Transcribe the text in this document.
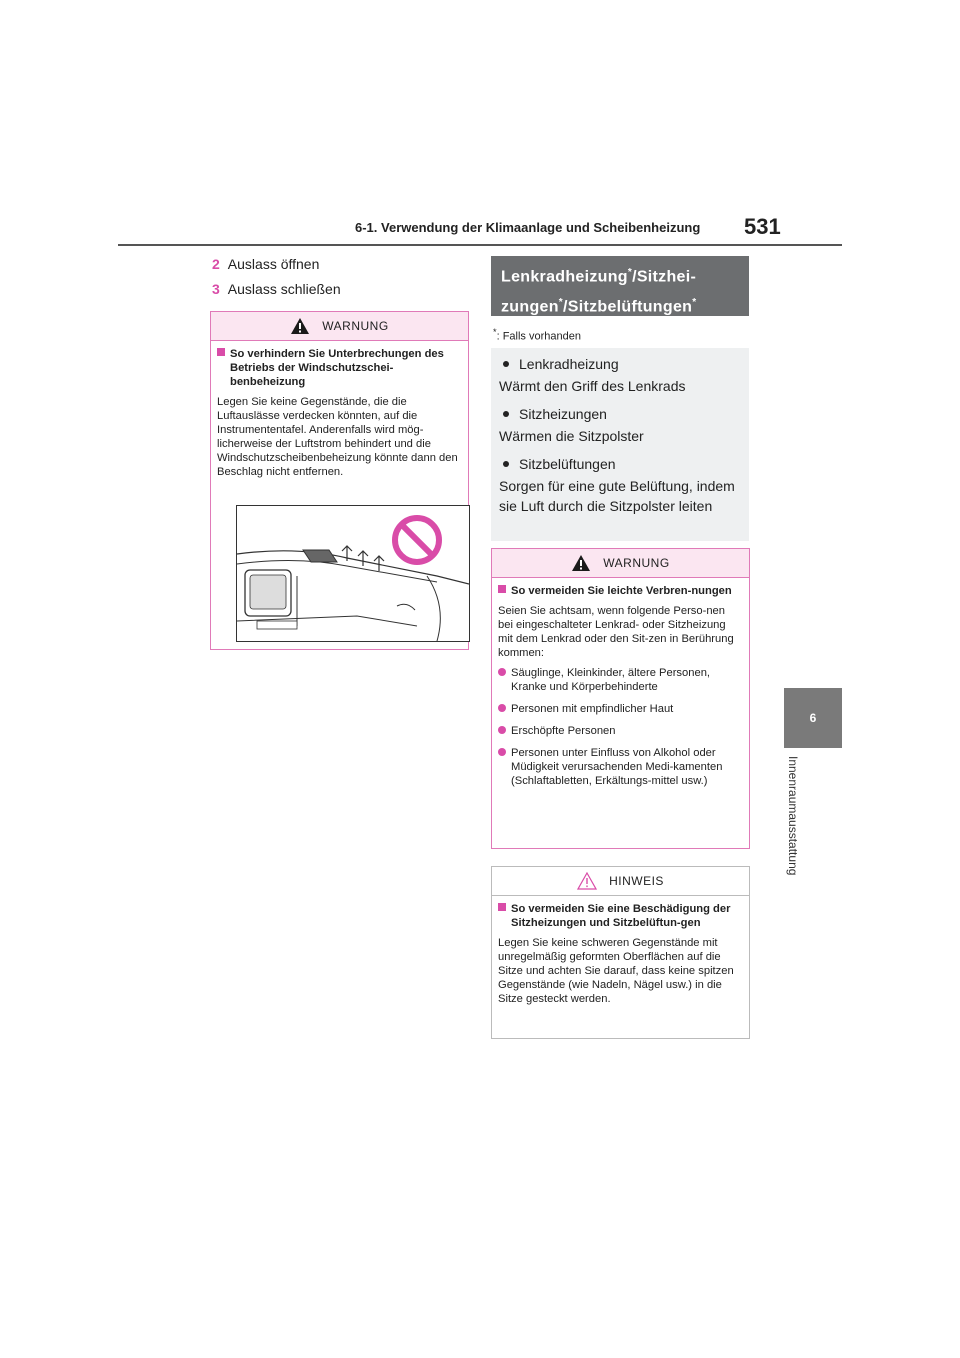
6-1. Verwendung der Klimaanlage und Scheibenheizung 531
6
Innenraumausstattung
2 Auslass öffnen
3 Auslass schließen
WARNUNG
So verhindern Sie Unterbrechungen des Betriebs der Windschutzschei-benbeheizung
Legen Sie keine Gegenstände, die die Luftauslässe verdecken könnten, auf die Instrumententafel. Anderenfalls wird mög-licherweise der Luftstrom behindert und die Windschutzscheibenbeheizung könnte dann den Beschlag nicht entfernen.
Lenkradheizung*/Sitzhei-
zungen*/Sitzbelüftungen*
*: Falls vorhanden
Lenkradheizung
Wärmt den Griff des Lenkrads
Sitzheizungen
Wärmen die Sitzpolster
Sitzbelüftungen
Sorgen für eine gute Belüftung, indem sie Luft durch die Sitzpolster leiten
WARNUNG
So vermeiden Sie leichte Verbren-nungen
Seien Sie achtsam, wenn folgende Perso-nen bei eingeschalteter Lenkrad- oder Sitzheizung mit dem Lenkrad oder den Sit-zen in Berührung kommen:
Säuglinge, Kleinkinder, ältere Personen, Kranke und Körperbehinderte
Personen mit empfindlicher Haut
Erschöpfte Personen
Personen unter Einfluss von Alkohol oder Müdigkeit verursachenden Medi-kamenten (Schlaftabletten, Erkältungs-mittel usw.)
HINWEIS
So vermeiden Sie eine Beschädigung der Sitzheizungen und Sitzbelüftun-gen
Legen Sie keine schweren Gegenstände mit unregelmäßig geformten Oberflächen auf die Sitze und achten Sie darauf, dass keine spitzen Gegenstände (wie Nadeln, Nägel usw.) in die Sitze gesteckt werden.
